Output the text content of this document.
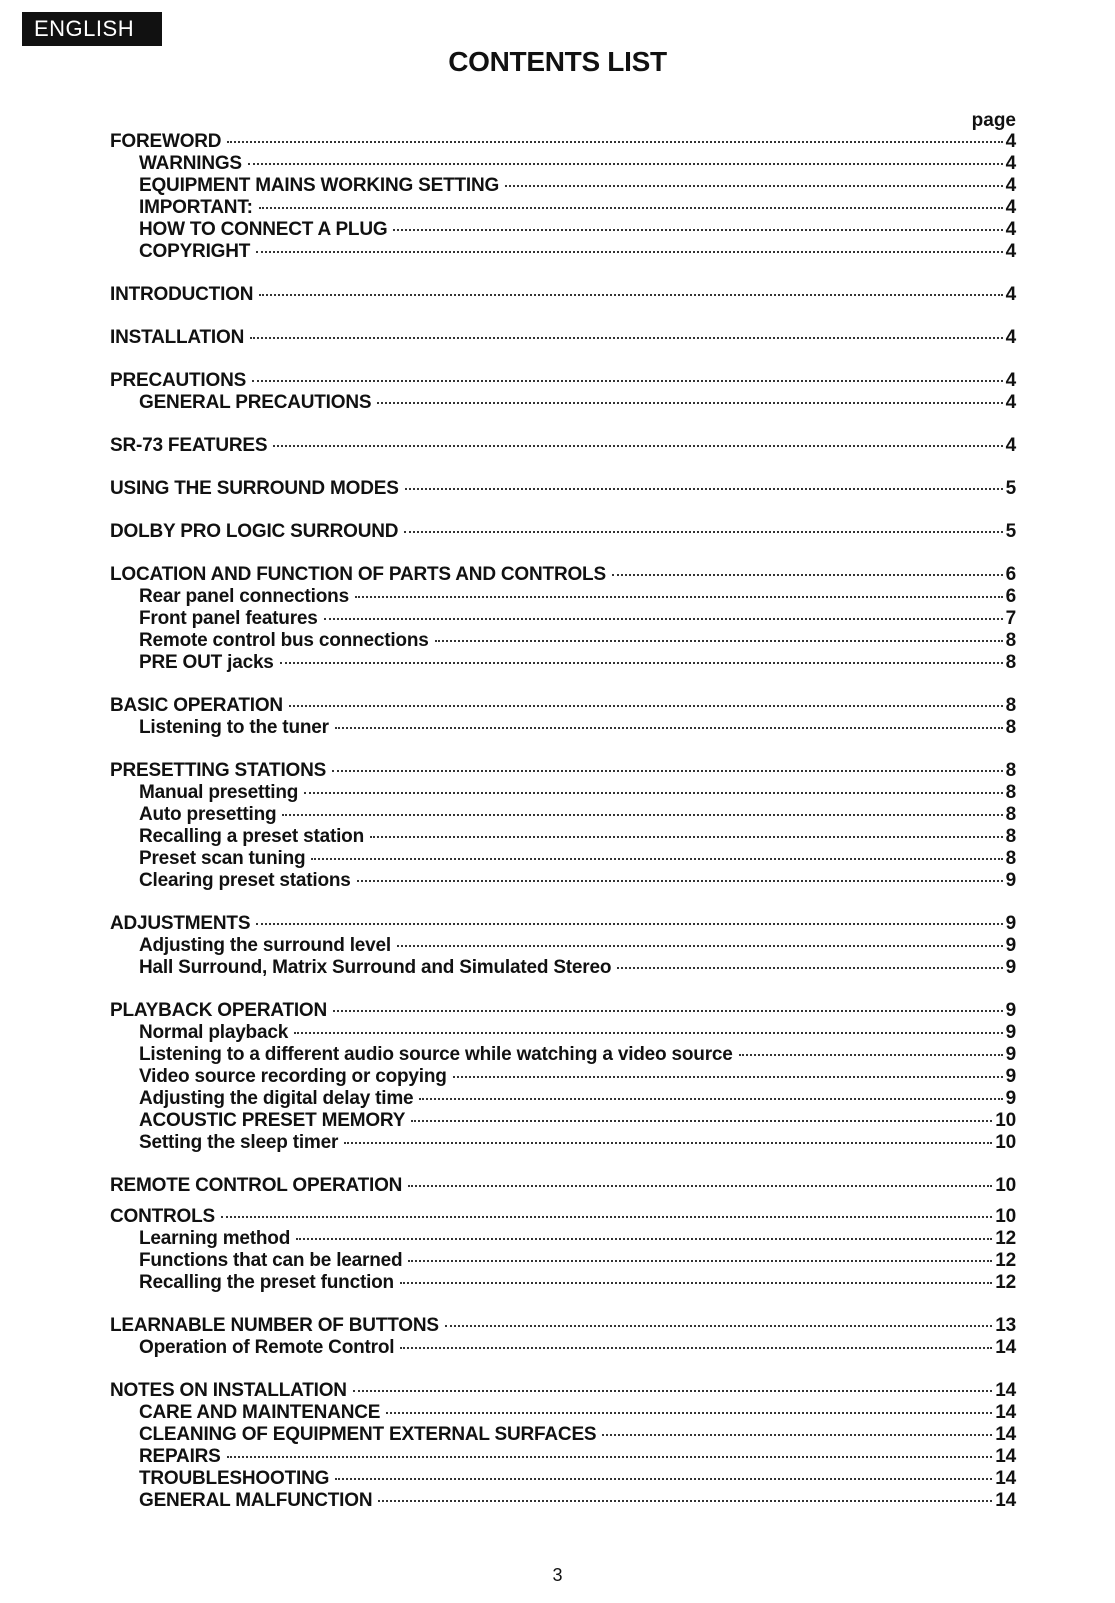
ENGLISH
CONTENTS LIST
page
FOREWORD	4
WARNINGS	4
EQUIPMENT MAINS WORKING SETTING	4
IMPORTANT:	4
HOW TO CONNECT A PLUG	4
COPYRIGHT	4
INTRODUCTION	4
INSTALLATION	4
PRECAUTIONS	4
GENERAL PRECAUTIONS	4
SR-73 FEATURES	4
USING THE SURROUND MODES	5
DOLBY PRO LOGIC SURROUND	5
LOCATION AND FUNCTION OF PARTS AND CONTROLS	6
Rear panel connections	6
Front panel features	7
Remote control bus connections	8
PRE OUT jacks	8
BASIC OPERATION	8
Listening to the tuner	8
PRESETTING STATIONS	8
Manual presetting	8
Auto presetting	8
Recalling a preset station	8
Preset scan tuning	8
Clearing preset stations	9
ADJUSTMENTS	9
Adjusting the surround level	9
Hall Surround, Matrix Surround and Simulated Stereo	9
PLAYBACK OPERATION	9
Normal playback	9
Listening to a different audio source while watching a video source	9
Video source recording or copying	9
Adjusting the digital delay time	9
ACOUSTIC PRESET MEMORY	10
Setting the sleep timer	10
REMOTE CONTROL OPERATION	10
CONTROLS	10
Learning method	12
Functions that can be learned	12
Recalling the preset function	12
LEARNABLE NUMBER OF BUTTONS	13
Operation of Remote Control	14
NOTES ON INSTALLATION	14
CARE AND MAINTENANCE	14
CLEANING OF EQUIPMENT EXTERNAL SURFACES	14
REPAIRS	14
TROUBLESHOOTING	14
GENERAL MALFUNCTION	14
3
